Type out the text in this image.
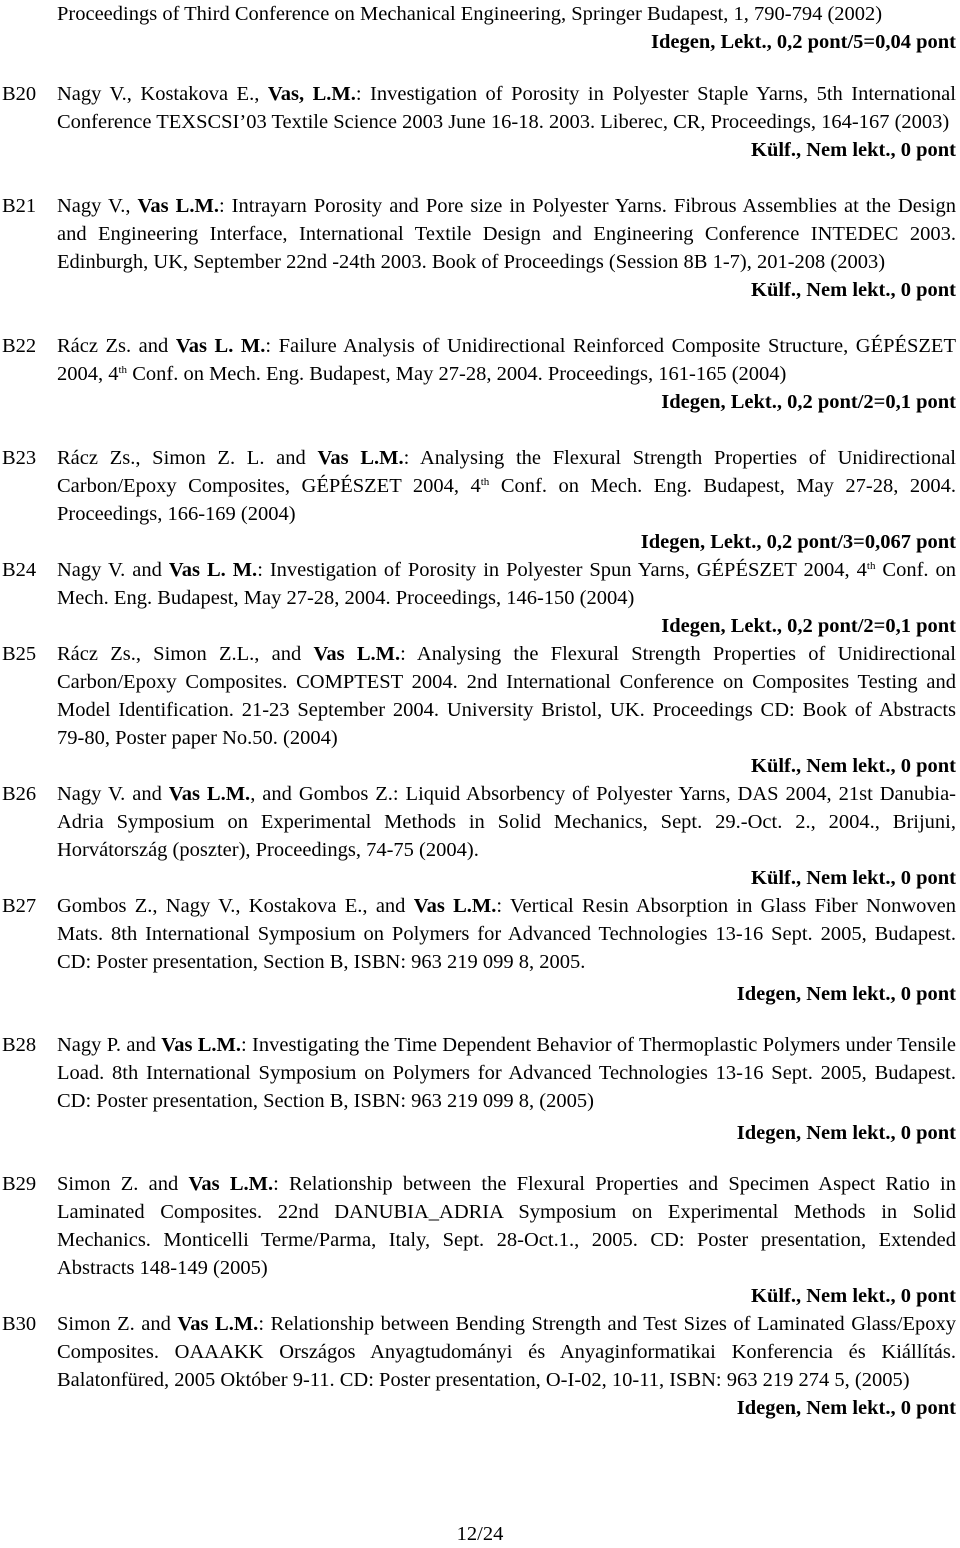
Proceedings of Third Conference on Mechanical Engineering, Springer Budapest, 1, 790-794 (2002)
Idegen, Lekt., 0,2 pont/5=0,04 pont
B20	Nagy V., Kostakova E., Vas, L.M.: Investigation of Porosity in Polyester Staple Yarns, 5th International Conference TEXSCSI’03 Textile Science 2003 June 16-18. 2003. Liberec, CR, Proceedings, 164-167 (2003)
Külf., Nem lekt., 0 pont
B21	Nagy V., Vas L.M.: Intrayarn Porosity and Pore size in Polyester Yarns. Fibrous Assemblies at the Design and Engineering Interface, International Textile Design and Engineering Conference INTEDEC 2003. Edinburgh, UK, September 22nd -24th 2003. Book of Proceedings (Session 8B 1-7), 201-208 (2003)
Külf., Nem lekt., 0 pont
B22	Rácz Zs. and Vas L. M.: Failure Analysis of Unidirectional Reinforced Composite Structure, GÉPÉSZET 2004, 4th Conf. on Mech. Eng. Budapest, May 27-28, 2004. Proceedings, 161-165 (2004)
Idegen, Lekt., 0,2 pont/2=0,1 pont
B23	Rácz Zs., Simon Z. L. and Vas L.M.: Analysing the Flexural Strength Properties of Unidirectional Carbon/Epoxy Composites, GÉPÉSZET 2004, 4th Conf. on Mech. Eng. Budapest, May 27-28, 2004. Proceedings, 166-169 (2004)
Idegen, Lekt., 0,2 pont/3=0,067 pont
B24	Nagy V. and Vas L. M.: Investigation of Porosity in Polyester Spun Yarns, GÉPÉSZET 2004, 4th Conf. on Mech. Eng. Budapest, May 27-28, 2004. Proceedings, 146-150 (2004)
Idegen, Lekt., 0,2 pont/2=0,1 pont
B25	Rácz Zs., Simon Z.L., and Vas L.M.: Analysing the Flexural Strength Properties of Unidirectional Carbon/Epoxy Composites. COMPTEST 2004. 2nd International Conference on Composites Testing and Model Identification. 21-23 September 2004. University Bristol, UK. Proceedings CD: Book of Abstracts 79-80, Poster paper No.50. (2004)
Külf., Nem lekt., 0 pont
B26	Nagy V. and Vas L.M., and Gombos Z.: Liquid Absorbency of Polyester Yarns, DAS 2004, 21st Danubia-Adria Symposium on Experimental Methods in Solid Mechanics, Sept. 29.-Oct. 2., 2004., Brijuni, Horvátország (poszter), Proceedings, 74-75 (2004).
Külf., Nem lekt., 0 pont
B27	Gombos Z., Nagy V., Kostakova E., and Vas L.M.: Vertical Resin Absorption in Glass Fiber Nonwoven Mats. 8th International Symposium on Polymers for Advanced Technologies 13-16 Sept. 2005, Budapest. CD: Poster presentation, Section B, ISBN: 963 219 099 8, 2005.
Idegen, Nem lekt., 0 pont
B28	Nagy P. and Vas L.M.: Investigating the Time Dependent Behavior of Thermoplastic Polymers under Tensile Load. 8th International Symposium on Polymers for Advanced Technologies 13-16 Sept. 2005, Budapest. CD: Poster presentation, Section B, ISBN: 963 219 099 8, (2005)
Idegen, Nem lekt., 0 pont
B29	Simon Z. and Vas L.M.: Relationship between the Flexural Properties and Specimen Aspect Ratio in Laminated Composites. 22nd DANUBIA_ADRIA Symposium on Experimental Methods in Solid Mechanics. Monticelli Terme/Parma, Italy, Sept. 28-Oct.1., 2005. CD: Poster presentation, Extended Abstracts 148-149 (2005)
Külf., Nem lekt., 0 pont
B30	Simon Z. and Vas L.M.: Relationship between Bending Strength and Test Sizes of Laminated Glass/Epoxy Composites. OAAAKK Országos Anyagtudományi és Anyaginformatikai Konferencia és Kiállítás. Balatonfüred, 2005 Október 9-11. CD: Poster presentation, O-I-02, 10-11, ISBN: 963 219 274 5, (2005)
Idegen, Nem lekt., 0 pont
12/24
